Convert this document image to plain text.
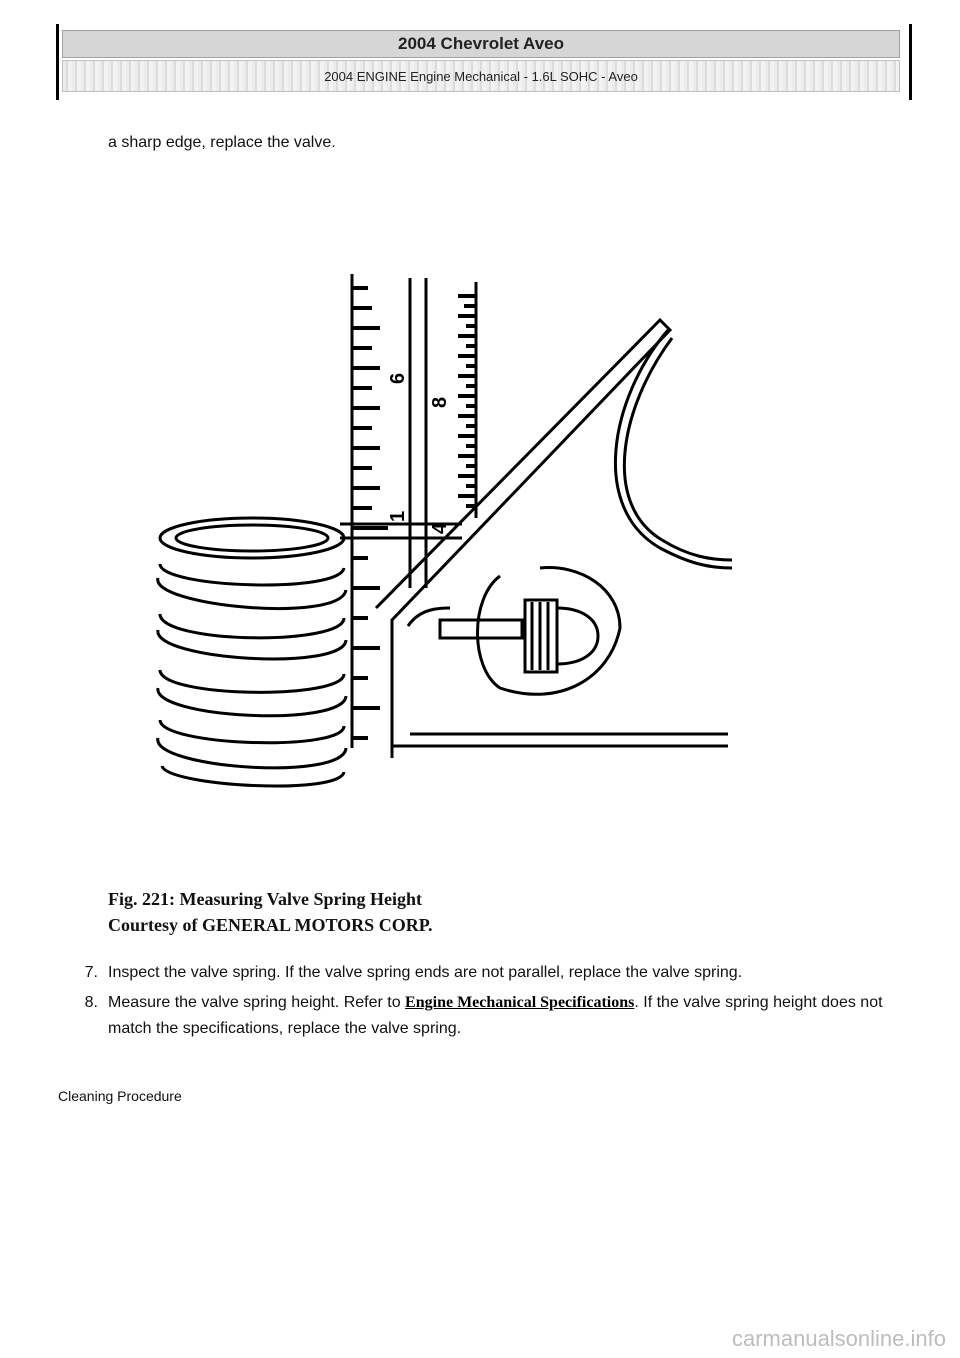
2004 Chevrolet Aveo
2004 ENGINE Engine Mechanical - 1.6L SOHC - Aveo
a sharp edge, replace the valve.
6
8
1
4
Fig. 221: Measuring Valve Spring Height
Courtesy of GENERAL MOTORS CORP.
7. Inspect the valve spring. If the valve spring ends are not parallel, replace the valve spring.
8. Measure the valve spring height. Refer to Engine Mechanical Specifications. If the valve spring height does not match the specifications, replace the valve spring.
Cleaning Procedure
carmanualsonline.info
